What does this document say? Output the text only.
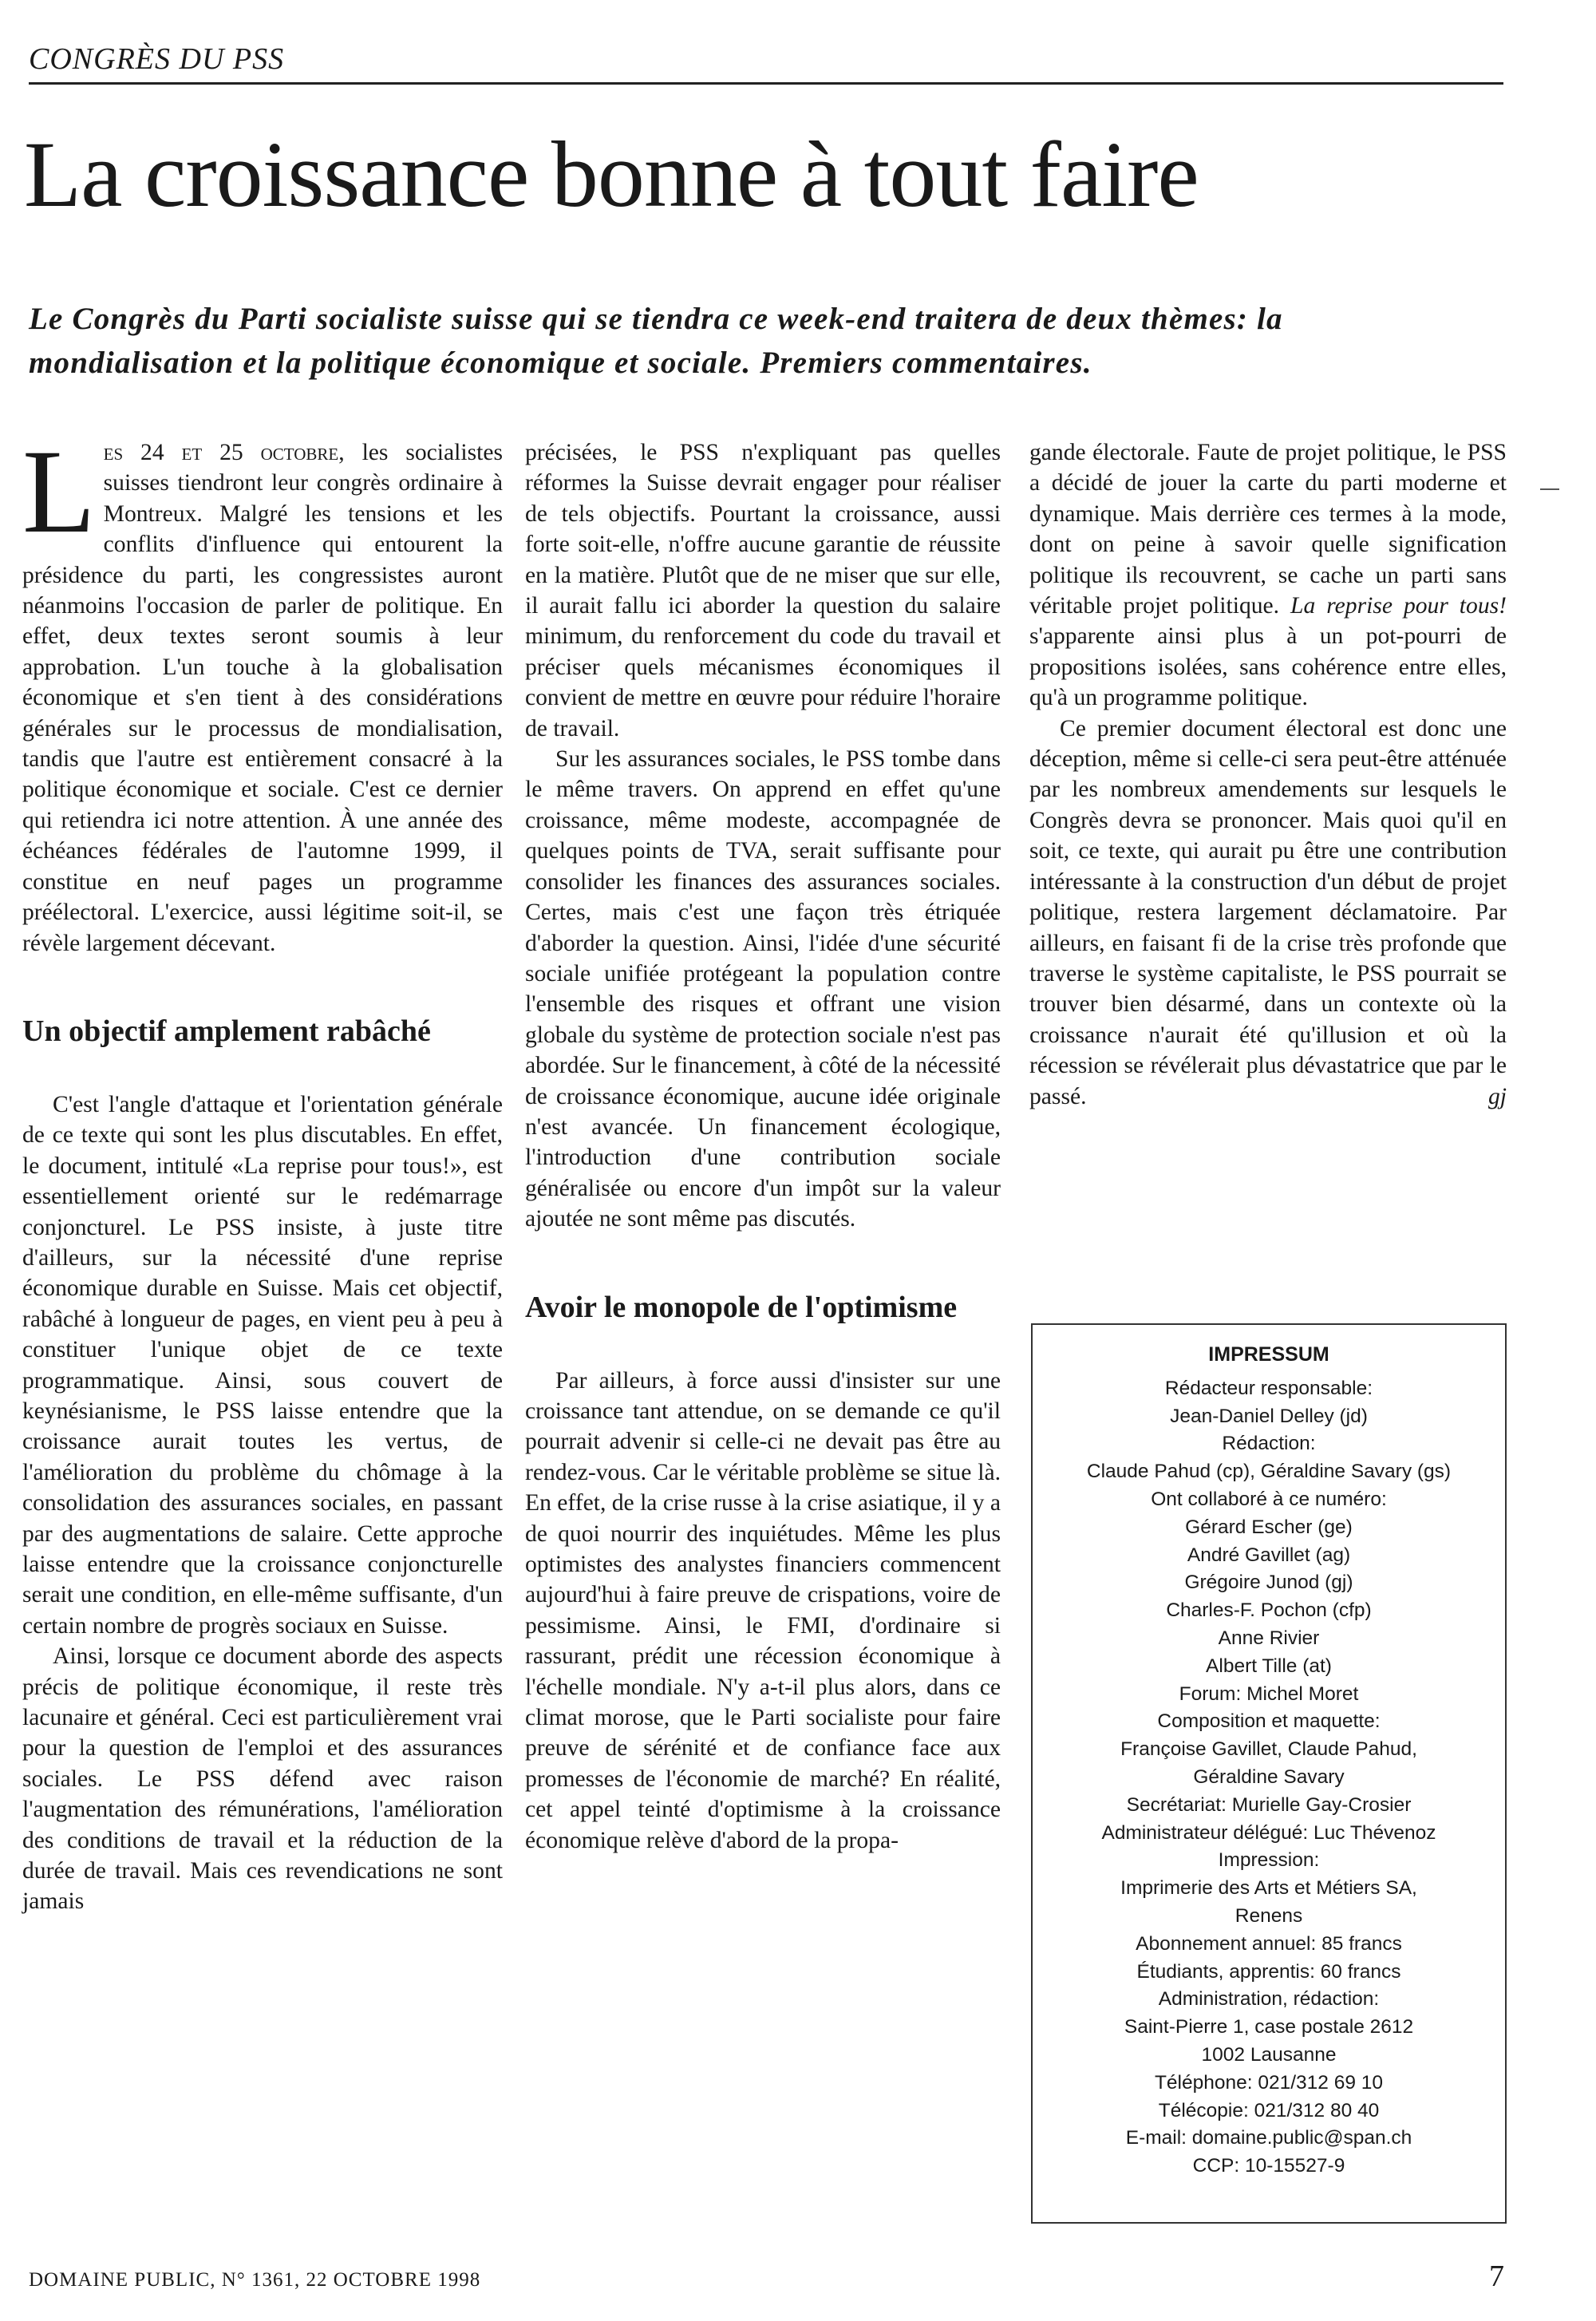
CONGRÈS DU PSS
La croissance bonne à tout faire

Le Congrès du Parti socialiste suisse qui se tiendra ce week-end traitera de deux thèmes: la mondialisation et la politique économique et sociale. Premiers commentaires.

Les 24 et 25 octobre, les socialistes suisses tiendront leur congrès ordinaire à Montreux. Malgré les tensions et les conflits d'influence qui entourent la présidence du parti, les congressistes auront néanmoins l'occasion de parler de politique. En effet, deux textes seront soumis à leur approbation. L'un touche à la globalisation économique et s'en tient à des considérations générales sur le processus de mondialisation, tandis que l'autre est entièrement consacré à la politique économique et sociale. C'est ce dernier qui retiendra ici notre attention. À une année des échéances fédérales de l'automne 1999, il constitue en neuf pages un programme préélectoral. L'exercice, aussi légitime soit-il, se révèle largement décevant.

Un objectif amplement rabâché

C'est l'angle d'attaque et l'orientation générale de ce texte qui sont les plus discutables. En effet, le document, intitulé «La reprise pour tous!», est essentiellement orienté sur le redémarrage conjoncturel. Le PSS insiste, à juste titre d'ailleurs, sur la nécessité d'une reprise économique durable en Suisse. Mais cet objectif, rabâché à longueur de pages, en vient peu à peu à constituer l'unique objet de ce texte programmatique. Ainsi, sous couvert de keynésianisme, le PSS laisse entendre que la croissance aurait toutes les vertus, de l'amélioration du problème du chômage à la consolidation des assurances sociales, en passant par des augmentations de salaire. Cette approche laisse entendre que la croissance conjoncturelle serait une condition, en elle-même suffisante, d'un certain nombre de progrès sociaux en Suisse.

Ainsi, lorsque ce document aborde des aspects précis de politique économique, il reste très lacunaire et général. Ceci est particulièrement vrai pour la question de l'emploi et des assurances sociales. Le PSS défend avec raison l'augmentation des rémunérations, l'amélioration des conditions de travail et la réduction de la durée de travail. Mais ces revendications ne sont jamais

précisées, le PSS n'expliquant pas quelles réformes la Suisse devrait engager pour réaliser de tels objectifs. Pourtant la croissance, aussi forte soit-elle, n'offre aucune garantie de réussite en la matière. Plutôt que de ne miser que sur elle, il aurait fallu ici aborder la question du salaire minimum, du renforcement du code du travail et préciser quels mécanismes économiques il convient de mettre en œuvre pour réduire l'horaire de travail.

Sur les assurances sociales, le PSS tombe dans le même travers. On apprend en effet qu'une croissance, même modeste, accompagnée de quelques points de TVA, serait suffisante pour consolider les finances des assurances sociales. Certes, mais c'est une façon très étriquée d'aborder la question. Ainsi, l'idée d'une sécurité sociale unifiée protégeant la population contre l'ensemble des risques et offrant une vision globale du système de protection sociale n'est pas abordée. Sur le financement, à côté de la nécessité de croissance économique, aucune idée originale n'est avancée. Un financement écologique, l'introduction d'une contribution sociale généralisée ou encore d'un impôt sur la valeur ajoutée ne sont même pas discutés.

Avoir le monopole de l'optimisme

Par ailleurs, à force aussi d'insister sur une croissance tant attendue, on se demande ce qu'il pourrait advenir si celle-ci ne devait pas être au rendez-vous. Car le véritable problème se situe là. En effet, de la crise russe à la crise asiatique, il y a de quoi nourrir des inquiétudes. Même les plus optimistes des analystes financiers commencent aujourd'hui à faire preuve de crispations, voire de pessimisme. Ainsi, le FMI, d'ordinaire si rassurant, prédit une récession économique à l'échelle mondiale. N'y a-t-il plus alors, dans ce climat morose, que le Parti socialiste pour faire preuve de sérénité et de confiance face aux promesses de l'économie de marché? En réalité, cet appel teinté d'optimisme à la croissance économique relève d'abord de la propa-

gande électorale. Faute de projet politique, le PSS a décidé de jouer la carte du parti moderne et dynamique. Mais derrière ces termes à la mode, dont on peine à savoir quelle signification politique ils recouvrent, se cache un parti sans véritable projet politique. La reprise pour tous! s'apparente ainsi plus à un pot-pourri de propositions isolées, sans cohérence entre elles, qu'à un programme politique.

Ce premier document électoral est donc une déception, même si celle-ci sera peut-être atténuée par les nombreux amendements sur lesquels le Congrès devra se prononcer. Mais quoi qu'il en soit, ce texte, qui aurait pu être une contribution intéressante à la construction d'un début de projet politique, restera largement déclamatoire. Par ailleurs, en faisant fi de la crise très profonde que traverse le système capitaliste, le PSS pourrait se trouver bien désarmé, dans un contexte où la croissance n'aurait été qu'illusion et où la récession se révélerait plus dévastatrice que par le passé.	gj
IMPRESSUM
Rédacteur responsable:
Jean-Daniel Delley (jd)
Rédaction:
Claude Pahud (cp), Géraldine Savary (gs)
Ont collaboré à ce numéro:
Gérard Escher (ge)
André Gavillet (ag)
Grégoire Junod (gj)
Charles-F. Pochon (cfp)
Anne Rivier
Albert Tille (at)
Forum: Michel Moret
Composition et maquette:
Françoise Gavillet, Claude Pahud,
Géraldine Savary
Secrétariat: Murielle Gay-Crosier
Administrateur délégué: Luc Thévenoz
Impression:
Imprimerie des Arts et Métiers SA,
Renens
Abonnement annuel: 85 francs
Étudiants, apprentis: 60 francs
Administration, rédaction:
Saint-Pierre 1, case postale 2612
1002 Lausanne
Téléphone: 021/312 69 10
Télécopie: 021/312 80 40
E-mail: domaine.public@span.ch
CCP: 10-15527-9
DOMAINE PUBLIC, N° 1361, 22 OCTOBRE 1998	7
